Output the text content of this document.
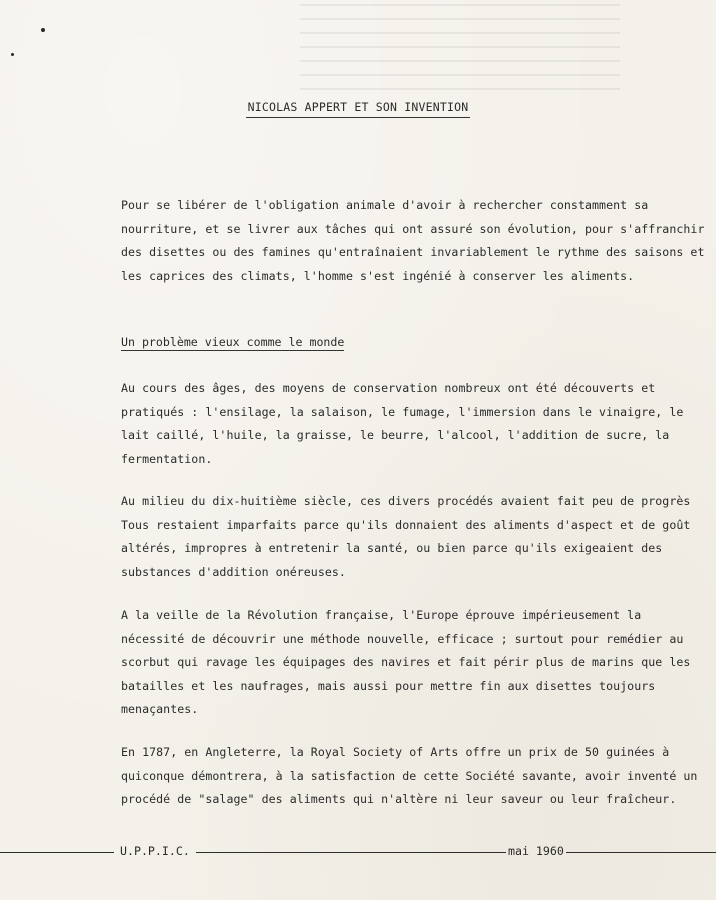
NICOLAS APPERT ET SON INVENTION

Pour se libérer de l'obligation animale d'avoir à rechercher constamment sa nourriture, et se livrer aux tâches qui ont assuré son évolution, pour s'affranchir des disettes ou des famines qu'entraînaient invariablement le rythme des saisons et les caprices des climats, l'homme s'est ingénié à conserver les aliments.

Un problème vieux comme le monde

Au cours des âges, des moyens de conservation nombreux ont été découverts et pratiqués : l'ensilage, la salaison, le fumage, l'immersion dans le vinaigre, le lait caillé, l'huile, la graisse, le beurre, l'alcool, l'addition de sucre, la fermentation.

Au milieu du dix-huitième siècle, ces divers procédés avaient fait peu de progrès Tous restaient imparfaits parce qu'ils donnaient des aliments d'aspect et de goût altérés, impropres à entretenir la santé, ou bien parce qu'ils exigeaient des substances d'addition onéreuses.

A la veille de la Révolution française, l'Europe éprouve impérieusement la nécessité de découvrir une méthode nouvelle, efficace ; surtout pour remédier au scorbut qui ravage les équipages des navires et fait périr plus de marins que les batailles et les naufrages, mais aussi pour mettre fin aux disettes toujours menaçantes.

En 1787, en Angleterre, la Royal Society of Arts offre un prix de 50 guinées à quiconque démontrera, à la satisfaction de cette Société savante, avoir inventé un procédé de "salage" des aliments qui n'altère ni leur saveur ou leur fraîcheur.

U.P.P.I.C.	mai 1960
